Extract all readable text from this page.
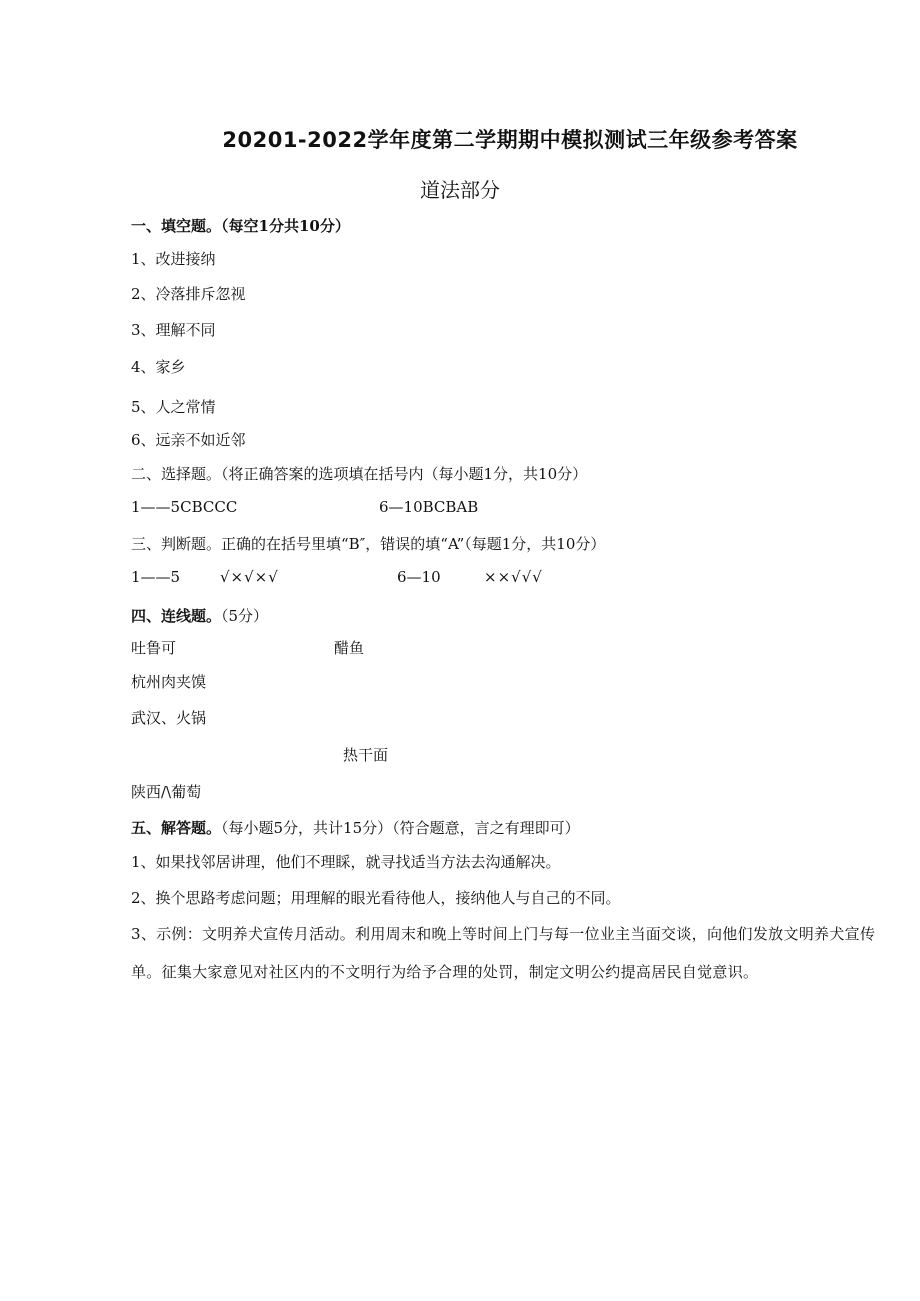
20201-2022学年度第二学期期中模拟测试三年级参考答案
道法部分
一、填空题。（每空1分共10分）
1、改进接纳
2、冷落排斥忽视
3、理解不同
4、家乡
5、人之常情
6、远亲不如近邻
二、选择题。（将正确答案的选项填在括号内（每小题1分，共10分）
1——5CBCCC	6—10BCBAB
三、判断题。正确的在括号里填“B″，错误的填“A”（每题1分，共10分）
1——5	√×√×√	6—10	××√√√
四、连线题。（5分）
吐鲁可	醋鱼
杭州肉夹馍
武汉、火锅
热干面
陕西/\葡萄
五、解答题。（每小题5分，共计15分）（符合题意，言之有理即可）
1、如果找邻居讲理，他们不理睬，就寻找适当方法去沟通解决。
2、换个思路考虑问题；用理解的眼光看待他人，接纳他人与自己的不同。
3、示例：文明养犬宣传月活动。利用周末和晚上等时间上门与每一位业主当面交谈，向他们发放文明养犬宣传单。征集大家意见对社区内的不文明行为给予合理的处罚，制定文明公约提高居民自觉意识。
